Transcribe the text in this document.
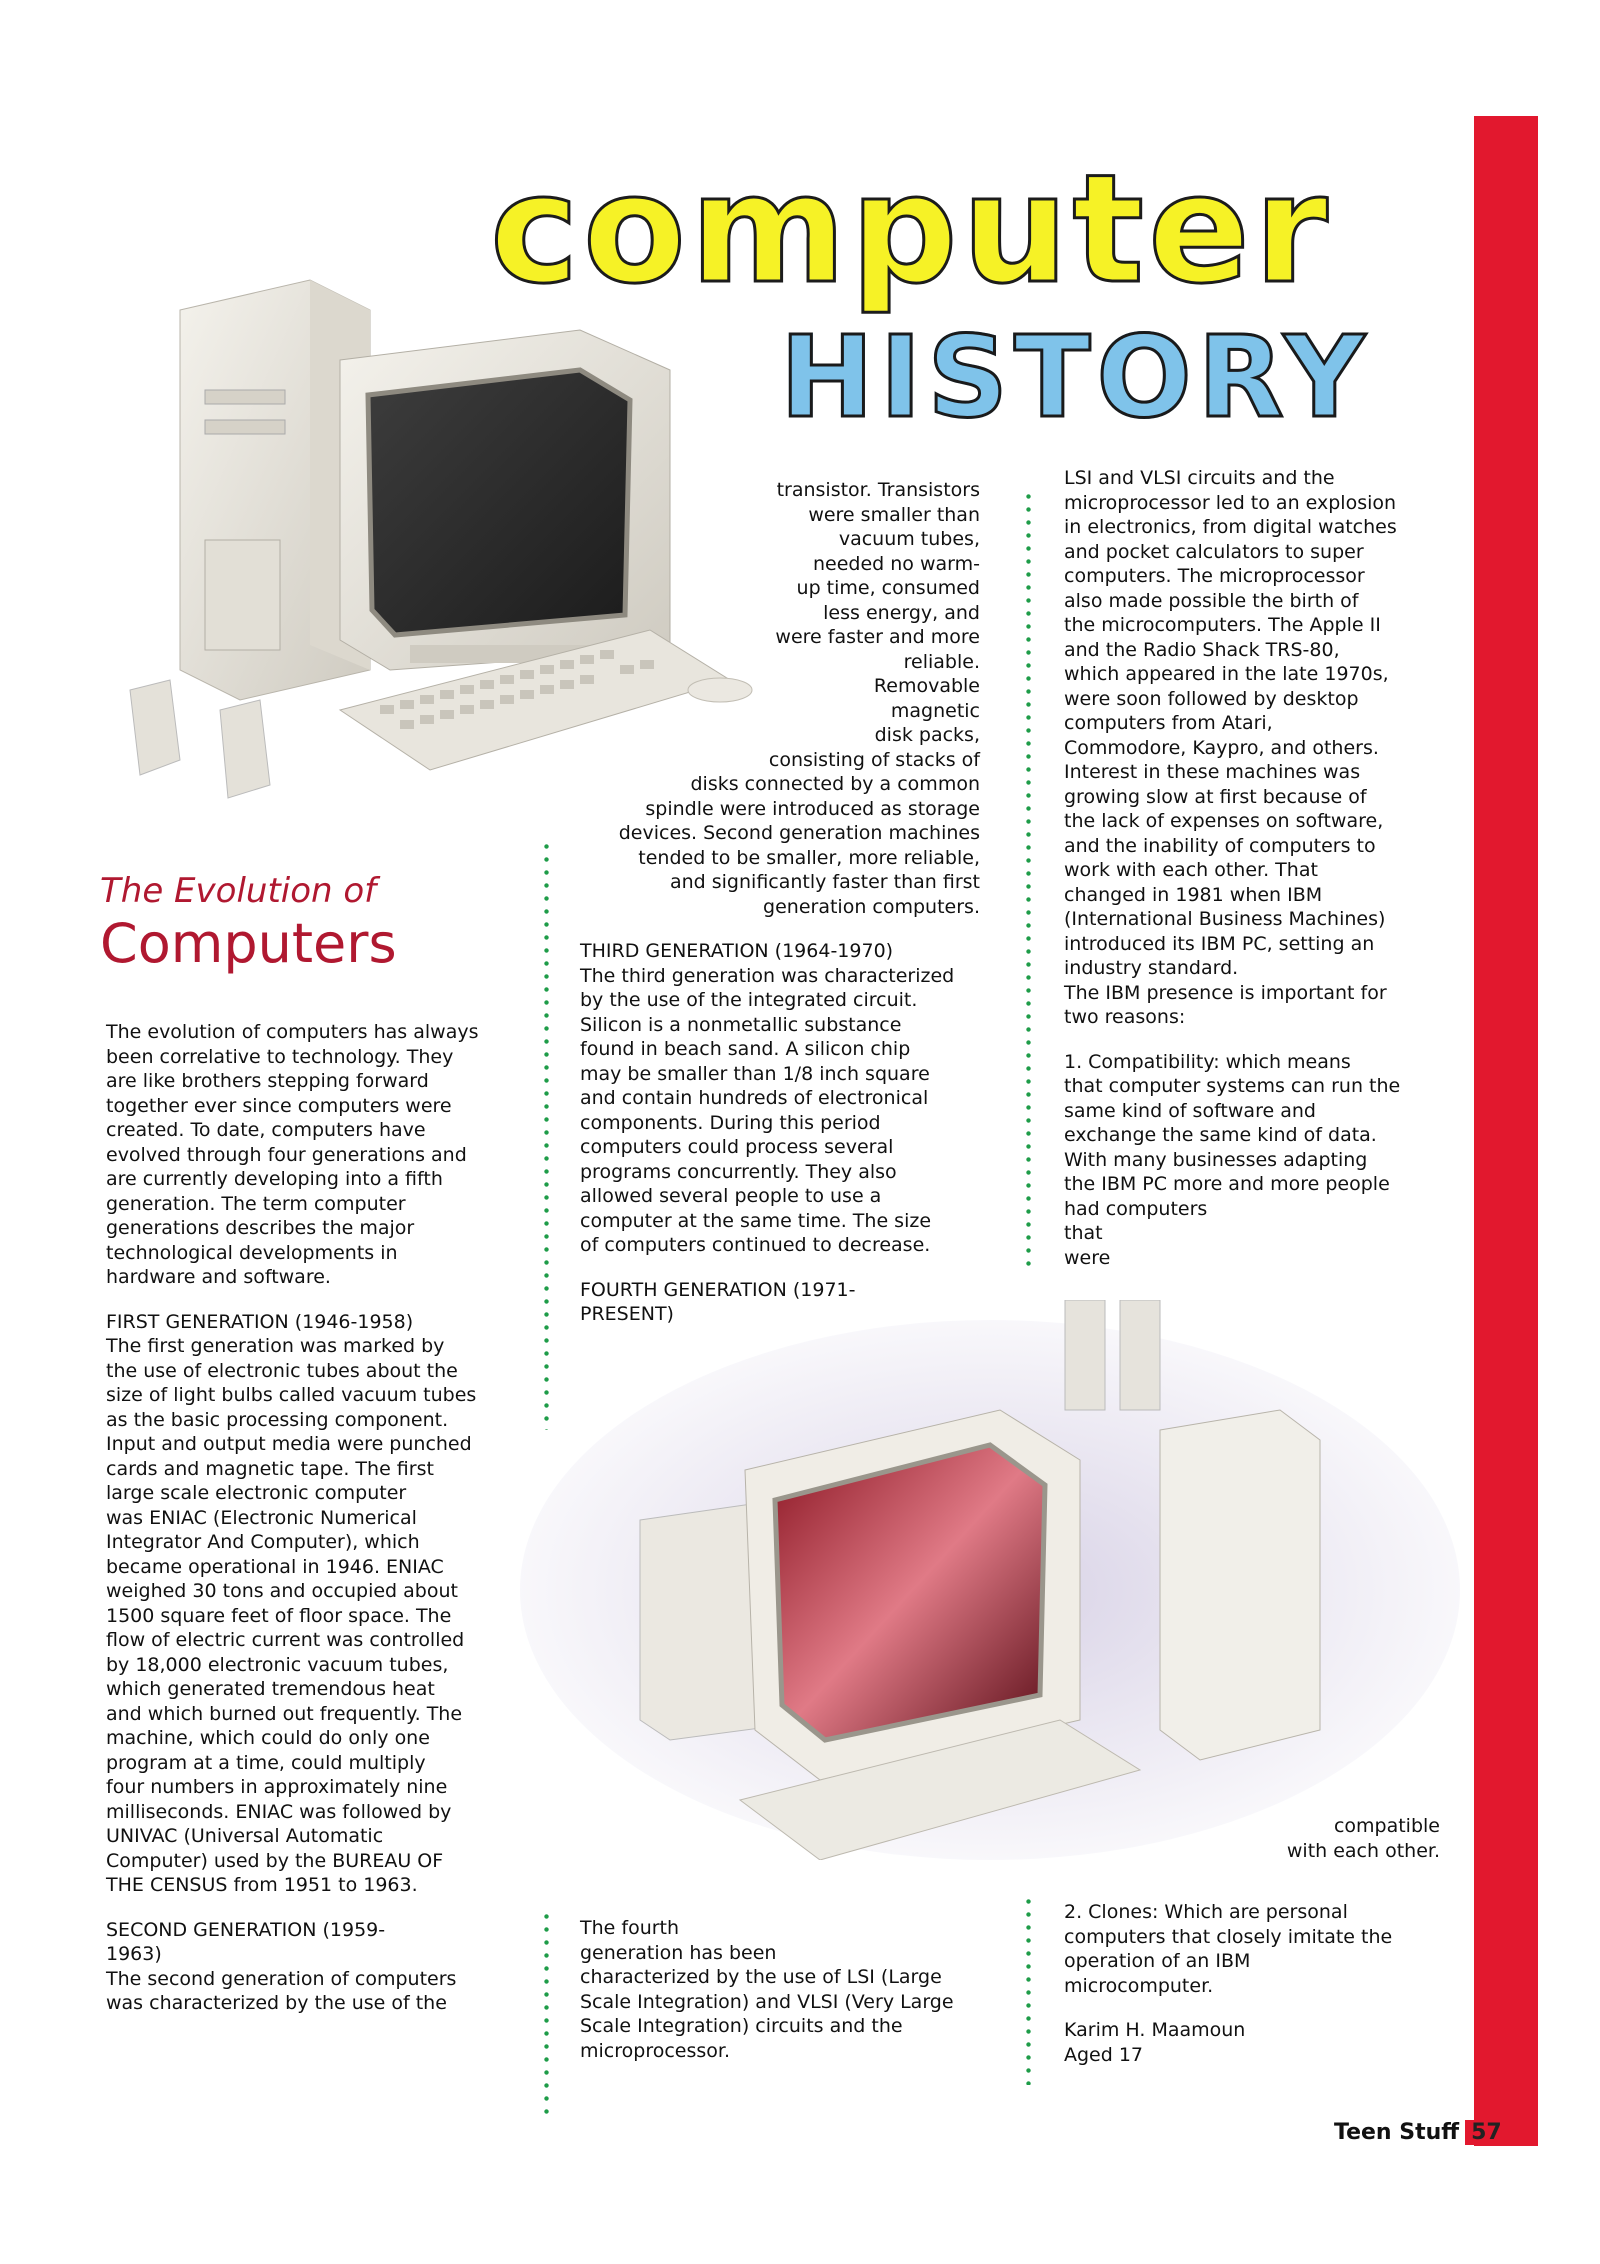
computer
HISTORY
The Evolution of
Computers

The evolution of computers has always
been correlative to technology. They
are like brothers stepping forward
together ever since computers were
created. To date, computers have
evolved through four generations and
are currently developing into a fifth
generation. The term computer
generations describes the major
technological developments in
hardware and software.

FIRST GENERATION (1946-1958)

The first generation was marked by
the use of electronic tubes about the
size of light bulbs called vacuum tubes
as the basic processing component.
Input and output media were punched
cards and magnetic tape. The first
large scale electronic computer
was ENIAC (Electronic Numerical
Integrator And Computer), which
became operational in 1946. ENIAC
weighed 30 tons and occupied about
1500 square feet of floor space. The
flow of electric current was controlled
by 18,000 electronic vacuum tubes,
which generated tremendous heat
and which burned out frequently. The
machine, which could do only one
program at a time, could multiply
four numbers in approximately nine
milliseconds. ENIAC was followed by
UNIVAC (Universal Automatic
Computer) used by the BUREAU OF
THE CENSUS from 1951 to 1963.

SECOND GENERATION (1959-
1963)

The second generation of computers
was characterized by the use of the

transistor. Transistors
were smaller than
vacuum tubes,
needed no warm-
up time, consumed
less energy, and
were faster and more
reliable.
Removable
magnetic
disk packs,
consisting of stacks of
disks connected by a common
spindle were introduced as storage
devices. Second generation machines
tended to be smaller, more reliable,
and significantly faster than first
generation computers.

THIRD GENERATION (1964-1970)

The third generation was characterized
by the use of the integrated circuit.
Silicon is a nonmetallic substance
found in beach sand. A silicon chip
may be smaller than 1/8 inch square
and contain hundreds of electronical
components. During this period
computers could process several
programs concurrently. They also
allowed several people to use a
computer at the same time. The size
of computers continued to decrease.

FOURTH GENERATION (1971-
PRESENT)

The fourth
generation has been
characterized by the use of LSI (Large
Scale Integration) and VLSI (Very Large
Scale Integration) circuits and the
microprocessor.

LSI and VLSI circuits and the
microprocessor led to an explosion
in electronics, from digital watches
and pocket calculators to super
computers. The microprocessor
also made possible the birth of
the microcomputers. The Apple II
and the Radio Shack TRS-80,
which appeared in the late 1970s,
were soon followed by desktop
computers from Atari,
Commodore, Kaypro, and others.
Interest in these machines was
growing slow at first because of
the lack of expenses on software,
and the inability of computers to
work with each other. That
changed in 1981 when IBM
(International Business Machines)
introduced its IBM PC, setting an
industry standard.
The IBM presence is important for
two reasons:

1. Compatibility: which means
that computer systems can run the
same kind of software and
exchange the same kind of data.
With many businesses adapting
the IBM PC more and more people
had computers
that
were

compatible
with each other.

2. Clones: Which are personal
computers that closely imitate the
operation of an IBM
microcomputer.

Karim H. Maamoun
Aged 17

Teen Stuff 57
